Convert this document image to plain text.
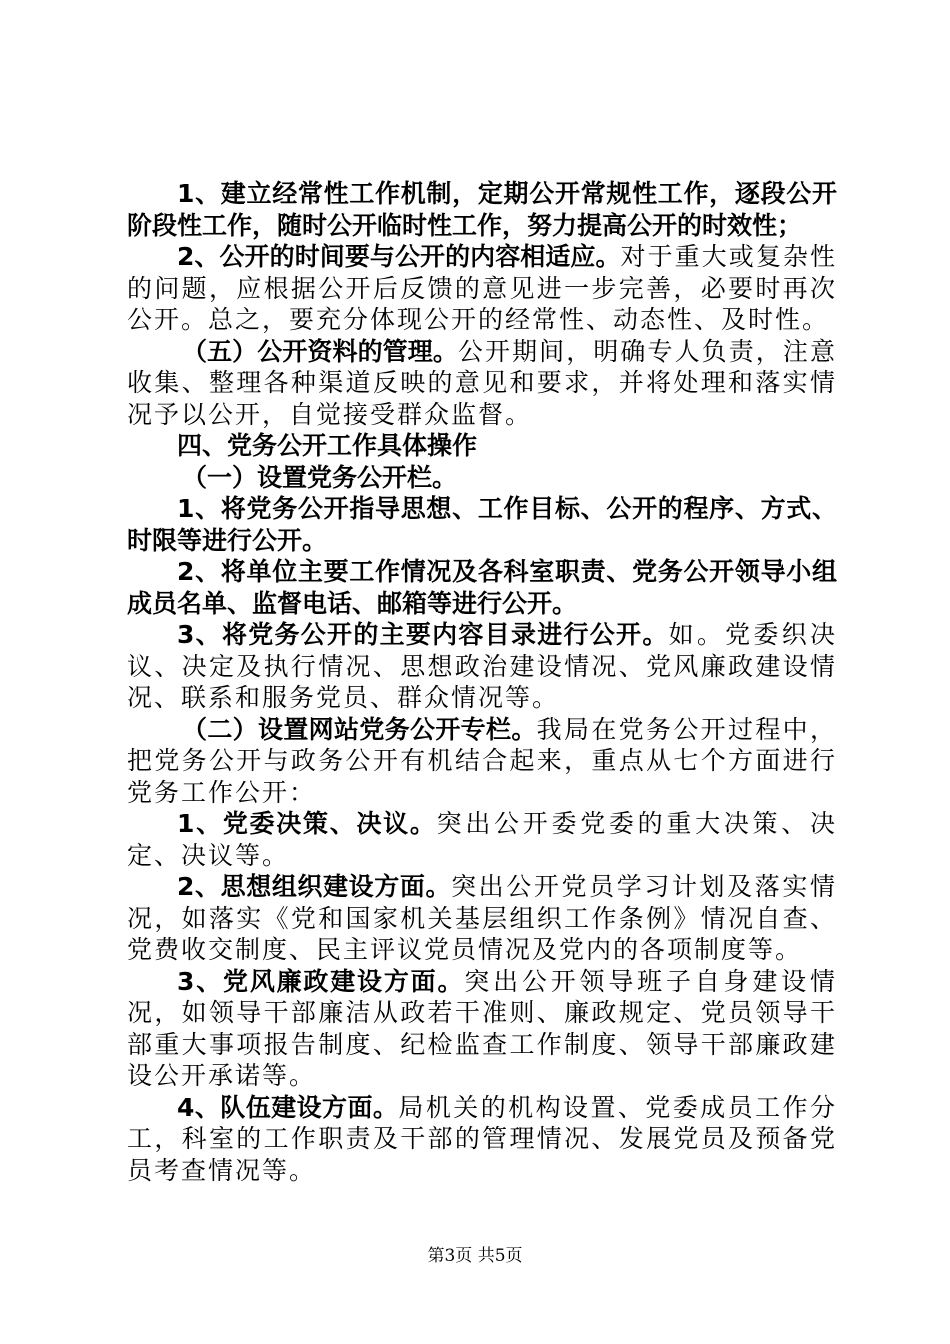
1、建立经常性工作机制，定期公开常规性工作，逐段公开阶段性工作，随时公开临时性工作，努力提高公开的时效性；

2、公开的时间要与公开的内容相适应。对于重大或复杂性的问题，应根据公开后反馈的意见进一步完善，必要时再次公开。总之，要充分体现公开的经常性、动态性、及时性。

（五）公开资料的管理。公开期间，明确专人负责，注意收集、整理各种渠道反映的意见和要求，并将处理和落实情况予以公开，自觉接受群众监督。

四、党务公开工作具体操作

（一）设置党务公开栏。

1、将党务公开指导思想、工作目标、公开的程序、方式、时限等进行公开。

2、将单位主要工作情况及各科室职责、党务公开领导小组成员名单、监督电话、邮箱等进行公开。

3、将党务公开的主要内容目录进行公开。如。党委织决议、决定及执行情况、思想政治建设情况、党风廉政建设情况、联系和服务党员、群众情况等。

（二）设置网站党务公开专栏。我局在党务公开过程中，把党务公开与政务公开有机结合起来，重点从七个方面进行党务工作公开：

1、党委决策、决议。突出公开委党委的重大决策、决定、决议等。

2、思想组织建设方面。突出公开党员学习计划及落实情况，如落实《党和国家机关基层组织工作条例》情况自查、党费收交制度、民主评议党员情况及党内的各项制度等。

3、党风廉政建设方面。突出公开领导班子自身建设情况，如领导干部廉洁从政若干准则、廉政规定、党员领导干部重大事项报告制度、纪检监查工作制度、领导干部廉政建设公开承诺等。

4、队伍建设方面。局机关的机构设置、党委成员工作分工，科室的工作职责及干部的管理情况、发展党员及预备党员考查情况等。

第3页 共5页
